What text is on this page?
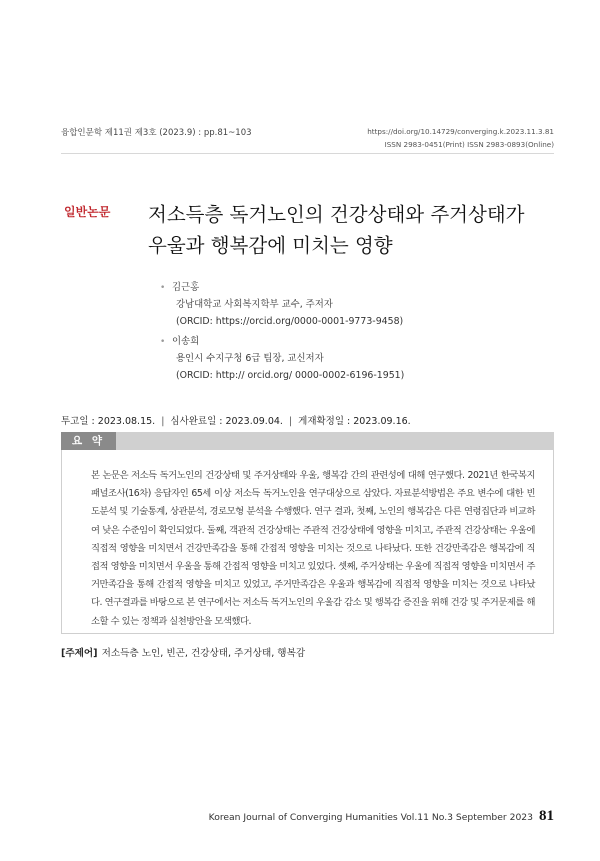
융합인문학 제11권 제3호 (2023.9) : pp.81~103	https://doi.org/10.14729/converging.k.2023.11.3.81
ISSN 2983-0451(Print) ISSN 2983-0893(Online)
일반논문 저소득층 독거노인의 건강상태와 주거상태가
우울과 행복감에 미치는 영향
• 김근홍
강남대학교 사회복지학부 교수, 주저자
(ORCID: https://orcid.org/0000-0001-9773-9458)
• 이송희
용인시 수지구청 6급 팀장, 교신저자
(ORCID: http:// orcid.org/ 0000-0002-6196-1951)
투고일 : 2023.08.15. | 심사완료일 : 2023.09.04. | 게재확정일 : 2023.09.16.
요 약
본 논문은 저소득 독거노인의 건강상태 및 주거상태와 우울, 행복감 간의 관련성에 대해 연구했다. 2021년 한국복지패널조사(16차) 응답자인 65세 이상 저소득 독거노인을 연구대상으로 삼았다. 자료분석방법은 주요 변수에 대한 빈도분석 및 기술통계, 상관분석, 경로모형 분석을 수행했다. 연구 결과, 첫째, 노인의 행복감은 다른 연령집단과 비교하여 낮은 수준임이 확인되었다. 둘째, 객관적 건강상태는 주관적 건강상태에 영향을 미치고, 주관적 건강상태는 우울에 직접적 영향을 미치면서 건강만족감을 통해 간접적 영향을 미치는 것으로 나타났다. 또한 건강만족감은 행복감에 직접적 영향을 미치면서 우울을 통해 간접적 영향을 미치고 있었다. 셋째, 주거상태는 우울에 직접적 영향을 미치면서 주거만족감을 통해 간접적 영향을 미치고 있었고, 주거만족감은 우울과 행복감에 직접적 영향을 미치는 것으로 나타났다. 연구결과를 바탕으로 본 연구에서는 저소득 독거노인의 우울감 감소 및 행복감 증진을 위해 건강 및 주거문제를 해소할 수 있는 정책과 실천방안을 모색했다.
[주제어] 저소득층 노인, 빈곤, 건강상태, 주거상태, 행복감
Korean Journal of Converging Humanities Vol.11 No.3 September 2023 81
